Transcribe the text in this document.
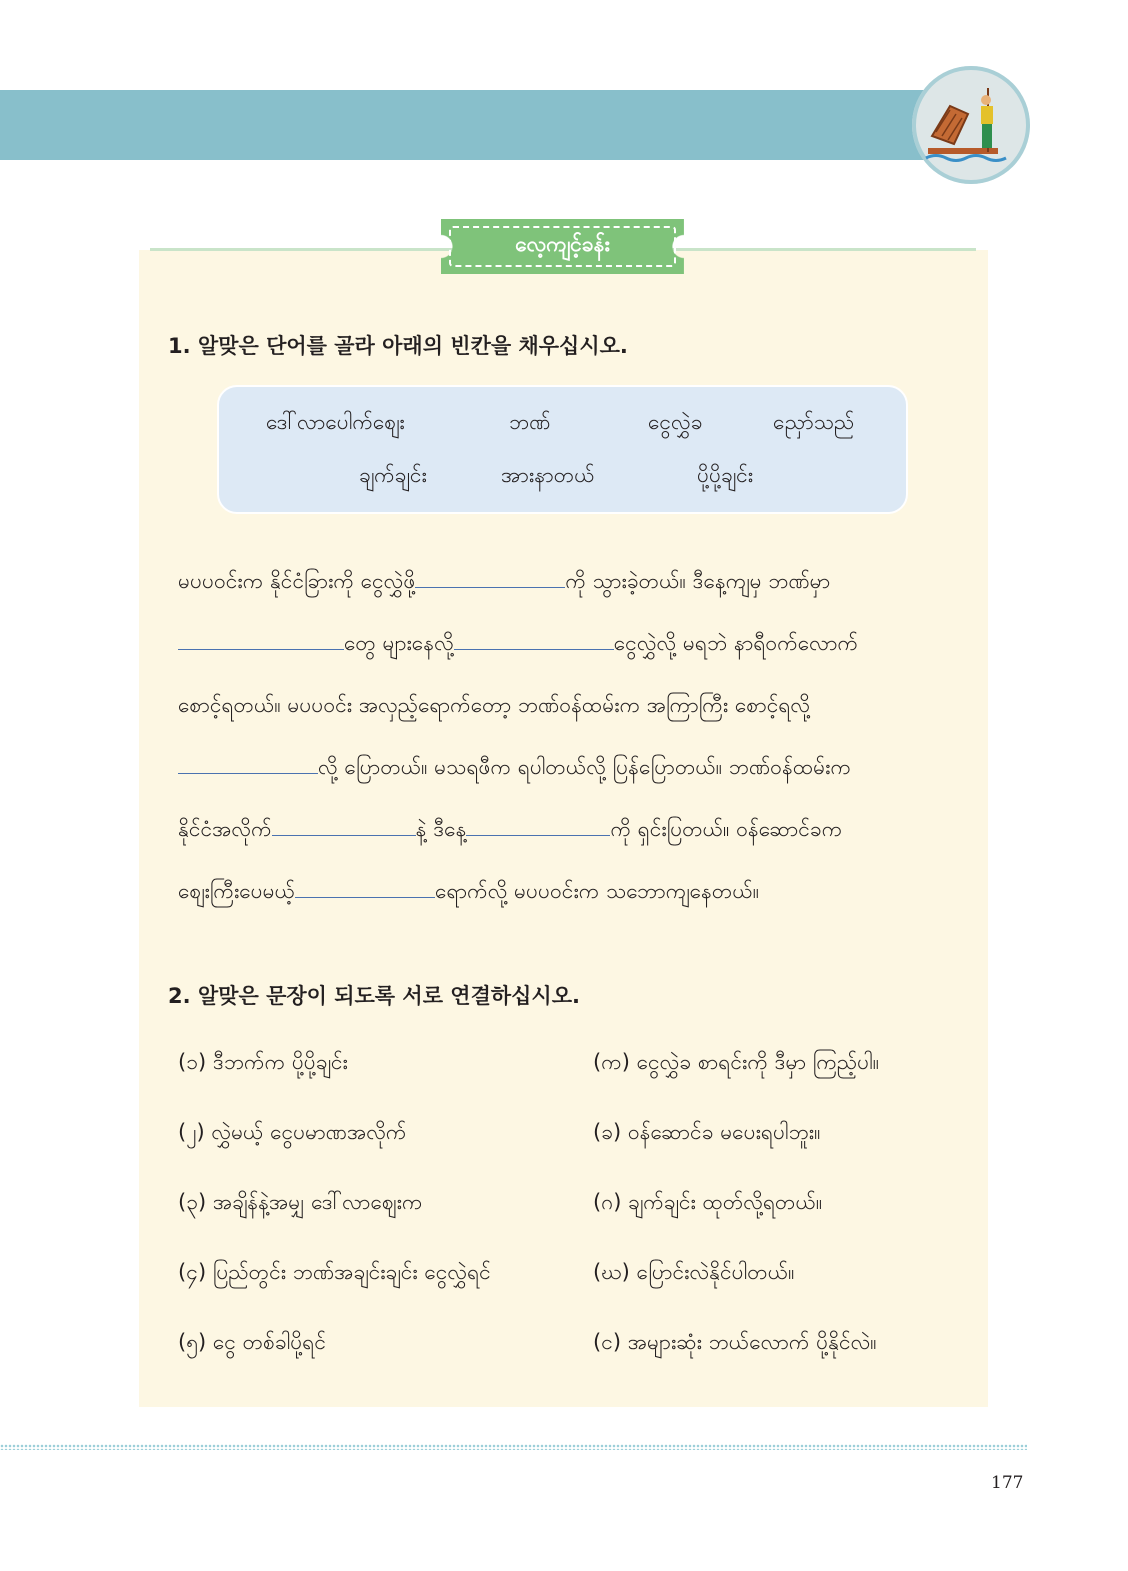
လေ့ကျင့်ခန်း
1. 알맞은 단어를 골라 아래의 빈칸을 채우십시오.
ဒေါ်လာပေါက်စျေး	ဘဏ်	ငွေလွှဲခ	ညှော်သည်
ချက်ချင်း	အားနာတယ်	ပို့ပို့ချင်း
မပပဝင်းက နိုင်ငံခြားကို ငွေလွှဲဖို့	ကို သွားခဲ့တယ်။ ဒီနေ့ကျမှ ဘဏ်မှာ
တွေ များနေလို့	ငွေလွှဲလို့ မရဘဲ နာရီဝက်လောက်
စောင့်ရတယ်။ မပပဝင်း အလှည့်ရောက်တော့ ဘဏ်ဝန်ထမ်းက အကြာကြီး စောင့်ရလို့
လို့ ပြောတယ်။ မသရဖီက ရပါတယ်လို့ ပြန်ပြောတယ်။ ဘဏ်ဝန်ထမ်းက
နိုင်ငံအလိုက်	နဲ့ ဒီနေ့	ကို ရှင်းပြတယ်။ ဝန်ဆောင်ခက
စျေးကြီးပေမယ့်	ရောက်လို့ မပပဝင်းက သဘောကျနေတယ်။
2. 알맞은 문장이 되도록 서로 연결하십시오.
(၁) ဒီဘက်က ပို့ပို့ချင်း
(၂) လွှဲမယ့် ငွေပမာဏအလိုက်
(၃) အချိန်နဲ့အမျှ ဒေါ်လာဈေးက
(၄) ပြည်တွင်း ဘဏ်အချင်းချင်း ငွေလွှဲရင်
(၅) ငွေ တစ်ခါပို့ရင်
(က) ငွေလွှဲခ စာရင်းကို ဒီမှာ ကြည့်ပါ။
(ခ) ဝန်ဆောင်ခ မပေးရပါဘူး။
(ဂ) ချက်ချင်း ထုတ်လို့ရတယ်။
(ဃ) ပြောင်းလဲနိုင်ပါတယ်။
(င) အများဆုံး ဘယ်လောက် ပို့နိုင်လဲ။
177
